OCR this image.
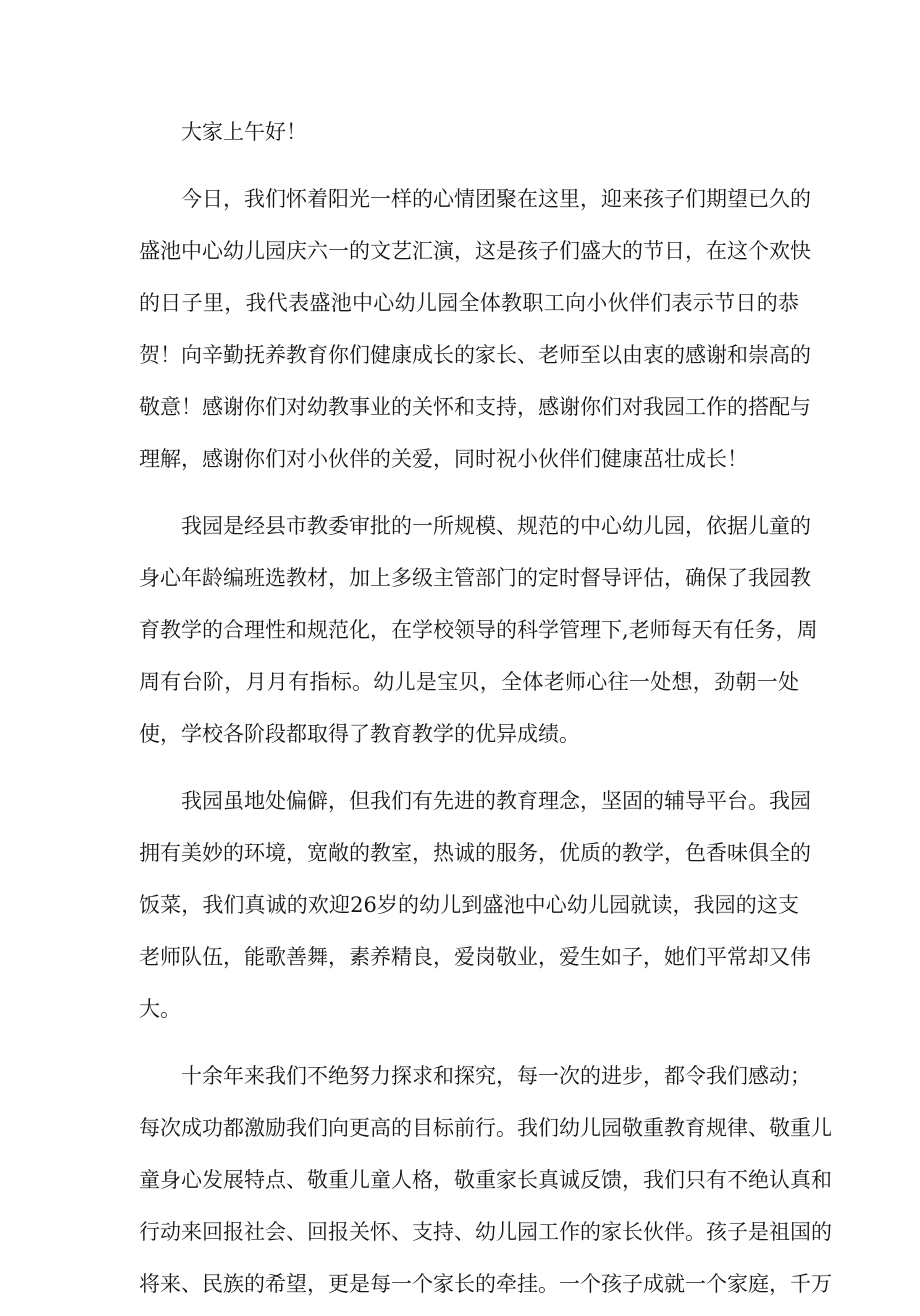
大家上午好！
今日，我们怀着阳光一样的心情团聚在这里，迎来孩子们期望已久的
盛池中心幼儿园庆六一的文艺汇演，这是孩子们盛大的节日，在这个欢快
的日子里，我代表盛池中心幼儿园全体教职工向小伙伴们表示节日的恭
贺！向辛勤抚养教育你们健康成长的家长、老师至以由衷的感谢和崇高的
敬意！感谢你们对幼教事业的关怀和支持，感谢你们对我园工作的搭配与
理解，感谢你们对小伙伴的关爱，同时祝小伙伴们健康茁壮成长！
我园是经县市教委审批的一所规模、规范的中心幼儿园，依据儿童的
身心年龄编班选教材，加上多级主管部门的定时督导评估，确保了我园教
育教学的合理性和规范化，在学校领导的科学管理下,老师每天有任务，周
周有台阶，月月有指标。幼儿是宝贝，全体老师心往一处想，劲朝一处
使，学校各阶段都取得了教育教学的优异成绩。
我园虽地处偏僻，但我们有先进的教育理念，坚固的辅导平台。我园
拥有美妙的环境，宽敞的教室，热诚的服务，优质的教学，色香味俱全的
饭菜，我们真诚的欢迎26岁的幼儿到盛池中心幼儿园就读，我园的这支
老师队伍，能歌善舞，素养精良，爱岗敬业，爱生如子，她们平常却又伟
大。
十余年来我们不绝努力探求和探究，每一次的进步，都令我们感动；
每次成功都激励我们向更高的目标前行。我们幼儿园敬重教育规律、敬重儿
童身心发展特点、敬重儿童人格，敬重家长真诚反馈，我们只有不绝认真和
行动来回报社会、回报关怀、支持、幼儿园工作的家长伙伴。孩子是祖国的
将来、民族的希望，更是每一个家长的牵挂。一个孩子成就一个家庭，千万
